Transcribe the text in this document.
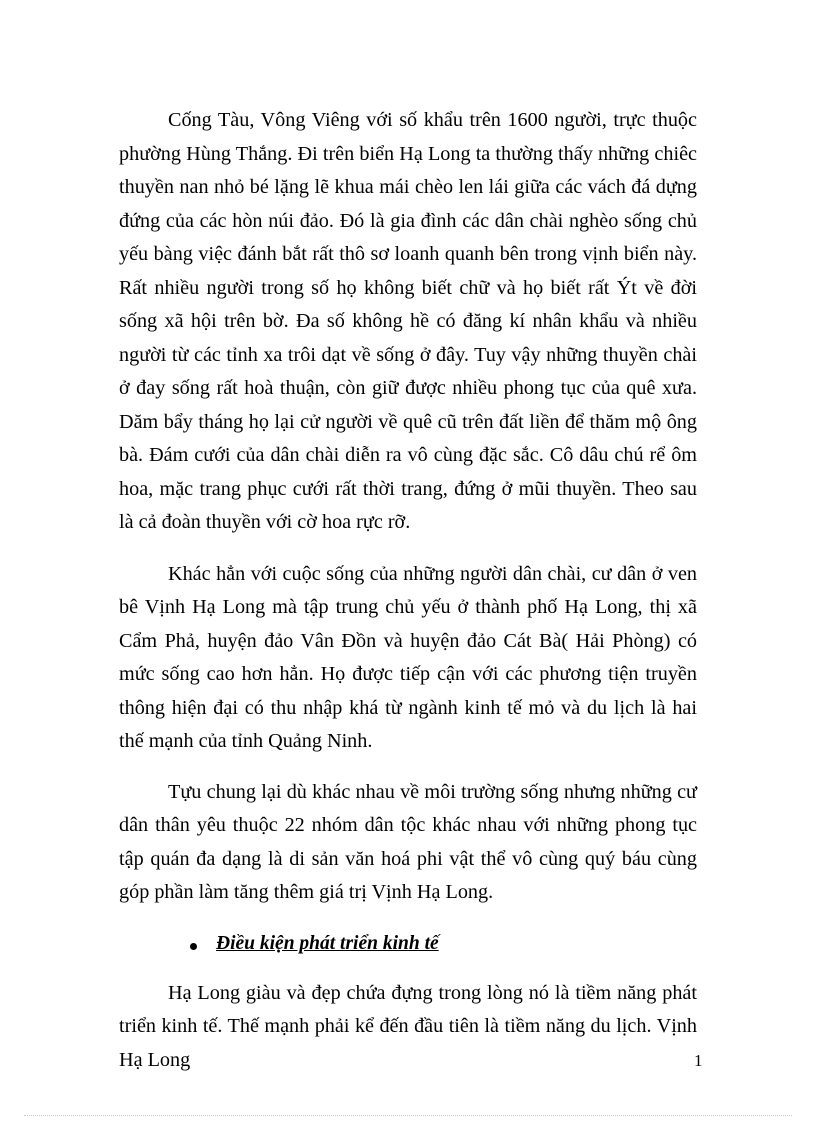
Cống Tàu, Vông Viêng với số khẩu trên 1600 người, trực thuộc phường Hùng Thắng. Đi trên biển Hạ Long ta thường thấy những chiêc thuyền nan nhỏ bé lặng lẽ khua mái chèo len lái giữa các vách đá dựng đứng của các hòn núi đảo. Đó là gia đình các dân chài nghèo sống chủ yếu bàng việc đánh bắt rất thô sơ loanh quanh bên trong vịnh biển này. Rất nhiều người trong số họ không biết chữ và họ biết rất Ýt về đời sống xã hội trên bờ. Đa số không hề có đăng kí nhân khẩu và nhiều người từ các tỉnh xa trôi dạt về sống ở đây. Tuy vậy những thuyền chài ở đay sống rất hoà thuận, còn giữ được nhiều phong tục của quê xưa. Dăm bẩy tháng họ lại cử người về quê cũ trên đất liền để thăm mộ ông bà. Đám cưới của dân chài diễn ra vô cùng đặc sắc. Cô dâu chú rể ôm hoa, mặc trang phục cưới rất thời trang, đứng ở mũi thuyền. Theo sau là cả đoàn thuyền với cờ hoa rực rỡ.

Khác hẳn với cuộc sống của những người dân chài, cư dân ở ven bê Vịnh Hạ Long mà tập trung chủ yếu ở thành phố Hạ Long, thị xã Cẩm Phả, huyện đảo Vân Đồn và huyện đảo Cát Bà( Hải Phòng) có mức sống cao hơn hẳn. Họ được tiếp cận với các phương tiện truyền thông hiện đại có thu nhập khá từ ngành kinh tế mỏ và du lịch là hai thế mạnh của tỉnh Quảng Ninh.

Tựu chung lại dù khác nhau về môi trường sống nhưng những cư dân thân yêu thuộc 22 nhóm dân tộc khác nhau với những phong tục tập quán đa dạng là di sản văn hoá phi vật thể vô cùng quý báu cùng góp phần làm tăng thêm giá trị Vịnh Hạ Long.

Điều kiện phát triển kinh tế

Hạ Long giàu và đẹp chứa đựng trong lòng nó là tiềm năng phát triển kinh tế. Thế mạnh phải kể đến đầu tiên là tiềm năng du lịch. Vịnh Hạ Long	1
